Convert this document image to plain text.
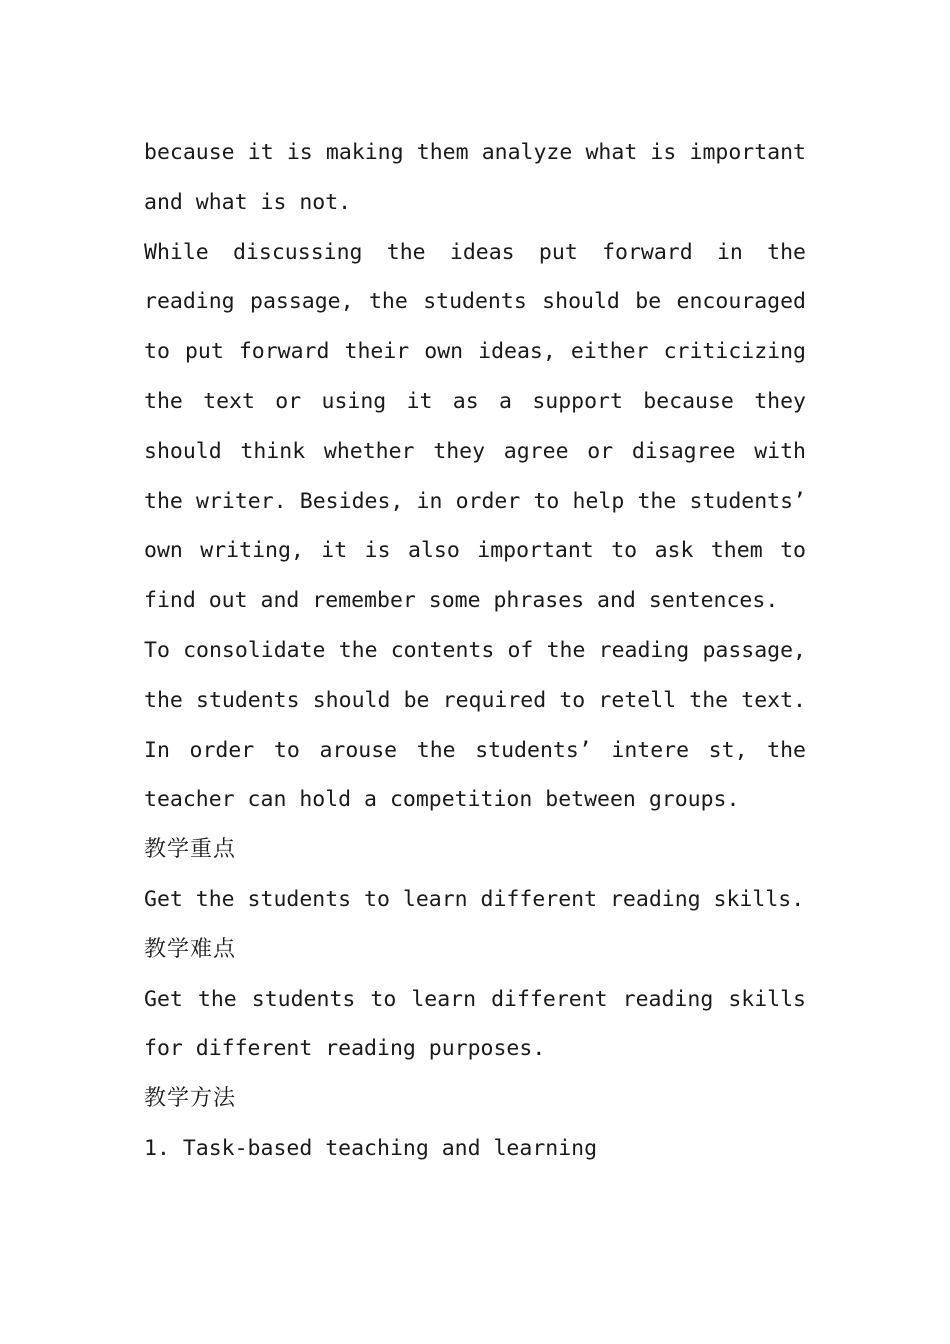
because it is making them analyze what is important and what is not.

While discussing the ideas put forward in the reading passage, the students should be encouraged to put forward their own ideas, either criticizing the text or using it as a support because they should think whether they agree or disagree with the writer. Besides, in order to help the students’ own writing, it is also important to ask them to find out and remember some phrases and sentences.

To consolidate the contents of the reading passage, the students should be required to retell the text. In order to arouse the students’ intere st, the teacher can hold a competition between groups.

教学重点

Get the students to learn different reading skills.

教学难点

Get the students to learn different reading skills for different reading purposes.

教学方法

1. Task-based teaching and learning
